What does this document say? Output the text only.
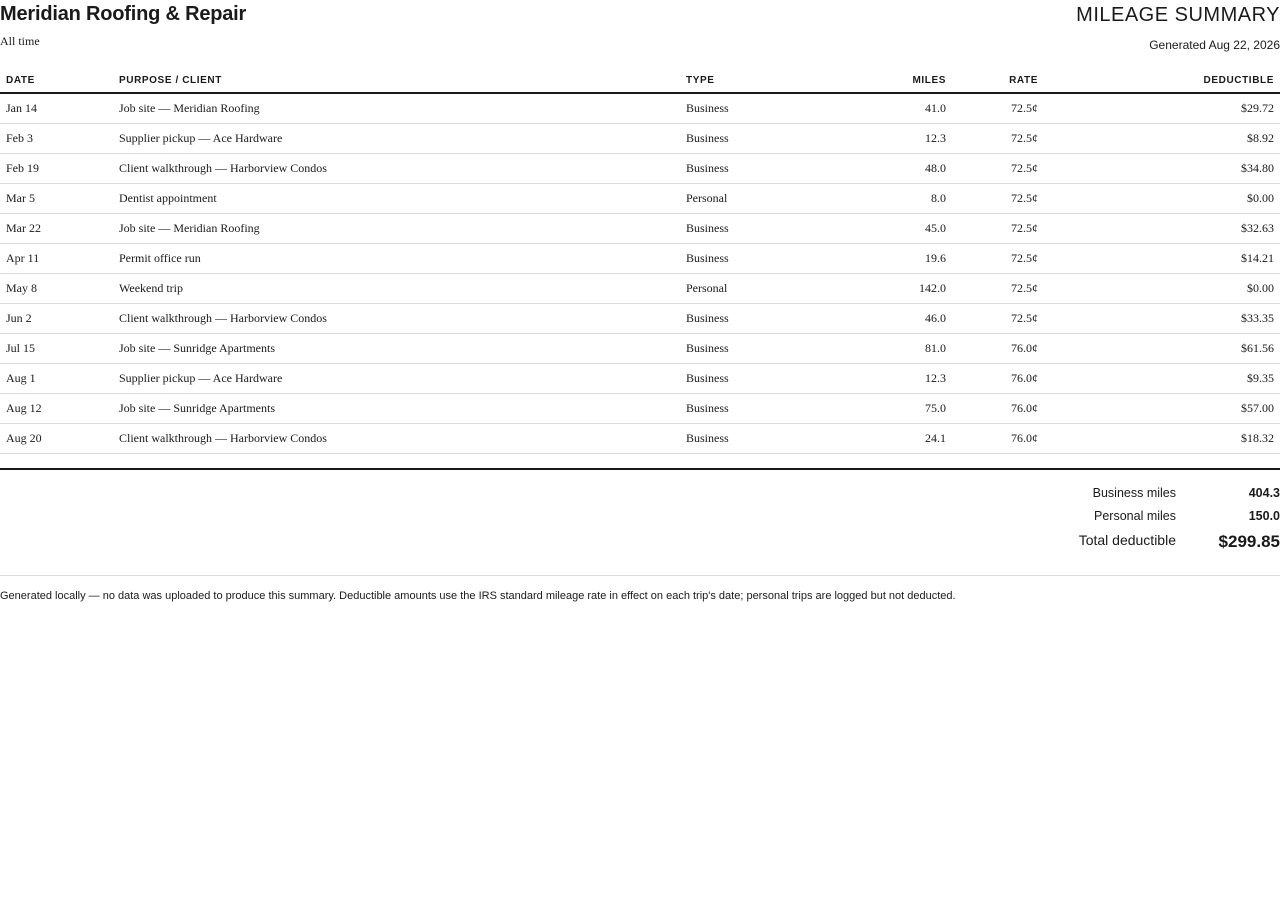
Meridian Roofing & Repair
All time
MILEAGE SUMMARY
Generated Aug 22, 2026
DATE	PURPOSE / CLIENT	TYPE	MILES	RATE	DEDUCTIBLE
Jan 14	Job site — Meridian Roofing	Business	41.0	72.5¢	$29.72
Feb 3	Supplier pickup — Ace Hardware	Business	12.3	72.5¢	$8.92
Feb 19	Client walkthrough — Harborview Condos	Business	48.0	72.5¢	$34.80
Mar 5	Dentist appointment	Personal	8.0	72.5¢	$0.00
Mar 22	Job site — Meridian Roofing	Business	45.0	72.5¢	$32.63
Apr 11	Permit office run	Business	19.6	72.5¢	$14.21
May 8	Weekend trip	Personal	142.0	72.5¢	$0.00
Jun 2	Client walkthrough — Harborview Condos	Business	46.0	72.5¢	$33.35
Jul 15	Job site — Sunridge Apartments	Business	81.0	76.0¢	$61.56
Aug 1	Supplier pickup — Ace Hardware	Business	12.3	76.0¢	$9.35
Aug 12	Job site — Sunridge Apartments	Business	75.0	76.0¢	$57.00
Aug 20	Client walkthrough — Harborview Condos	Business	24.1	76.0¢	$18.32
Business miles	404.3
Personal miles	150.0
Total deductible	$299.85
Generated locally — no data was uploaded to produce this summary. Deductible amounts use the IRS standard mileage rate in effect on each trip's date; personal trips are logged but not deducted.
